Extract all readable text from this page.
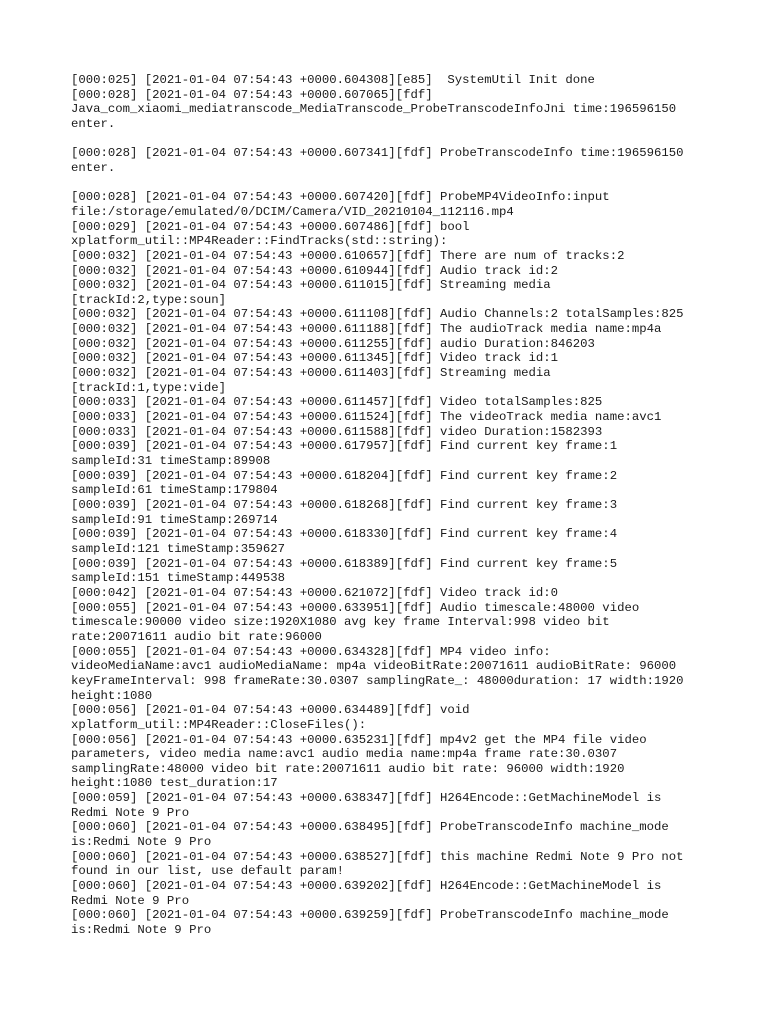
[000:025] [2021-01-04 07:54:43 +0000.604308][e85]  SystemUtil Init done
[000:028] [2021-01-04 07:54:43 +0000.607065][fdf]
Java_com_xiaomi_mediatranscode_MediaTranscode_ProbeTranscodeInfoJni time:196596150
enter.
[000:028] [2021-01-04 07:54:43 +0000.607341][fdf] ProbeTranscodeInfo time:196596150
enter.
[000:028] [2021-01-04 07:54:43 +0000.607420][fdf] ProbeMP4VideoInfo:input
file:/storage/emulated/0/DCIM/Camera/VID_20210104_112116.mp4
[000:029] [2021-01-04 07:54:43 +0000.607486][fdf] bool
xplatform_util::MP4Reader::FindTracks(std::string):
[000:032] [2021-01-04 07:54:43 +0000.610657][fdf] There are num of tracks:2
[000:032] [2021-01-04 07:54:43 +0000.610944][fdf] Audio track id:2
[000:032] [2021-01-04 07:54:43 +0000.611015][fdf] Streaming media
[trackId:2,type:soun]
[000:032] [2021-01-04 07:54:43 +0000.611108][fdf] Audio Channels:2 totalSamples:825
[000:032] [2021-01-04 07:54:43 +0000.611188][fdf] The audioTrack media name:mp4a
[000:032] [2021-01-04 07:54:43 +0000.611255][fdf] audio Duration:846203
[000:032] [2021-01-04 07:54:43 +0000.611345][fdf] Video track id:1
[000:032] [2021-01-04 07:54:43 +0000.611403][fdf] Streaming media
[trackId:1,type:vide]
[000:033] [2021-01-04 07:54:43 +0000.611457][fdf] Video totalSamples:825
[000:033] [2021-01-04 07:54:43 +0000.611524][fdf] The videoTrack media name:avc1
[000:033] [2021-01-04 07:54:43 +0000.611588][fdf] video Duration:1582393
[000:039] [2021-01-04 07:54:43 +0000.617957][fdf] Find current key frame:1
sampleId:31 timeStamp:89908
[000:039] [2021-01-04 07:54:43 +0000.618204][fdf] Find current key frame:2
sampleId:61 timeStamp:179804
[000:039] [2021-01-04 07:54:43 +0000.618268][fdf] Find current key frame:3
sampleId:91 timeStamp:269714
[000:039] [2021-01-04 07:54:43 +0000.618330][fdf] Find current key frame:4
sampleId:121 timeStamp:359627
[000:039] [2021-01-04 07:54:43 +0000.618389][fdf] Find current key frame:5
sampleId:151 timeStamp:449538
[000:042] [2021-01-04 07:54:43 +0000.621072][fdf] Video track id:0
[000:055] [2021-01-04 07:54:43 +0000.633951][fdf] Audio timescale:48000 video
timescale:90000 video size:1920X1080 avg key frame Interval:998 video bit
rate:20071611 audio bit rate:96000
[000:055] [2021-01-04 07:54:43 +0000.634328][fdf] MP4 video info:
videoMediaName:avc1 audioMediaName: mp4a videoBitRate:20071611 audioBitRate: 96000
keyFrameInterval: 998 frameRate:30.0307 samplingRate_: 48000duration: 17 width:1920
height:1080
[000:056] [2021-01-04 07:54:43 +0000.634489][fdf] void
xplatform_util::MP4Reader::CloseFiles():
[000:056] [2021-01-04 07:54:43 +0000.635231][fdf] mp4v2 get the MP4 file video
parameters, video media name:avc1 audio media name:mp4a frame rate:30.0307
samplingRate:48000 video bit rate:20071611 audio bit rate: 96000 width:1920
height:1080 test_duration:17
[000:059] [2021-01-04 07:54:43 +0000.638347][fdf] H264Encode::GetMachineModel is
Redmi Note 9 Pro
[000:060] [2021-01-04 07:54:43 +0000.638495][fdf] ProbeTranscodeInfo machine_mode
is:Redmi Note 9 Pro
[000:060] [2021-01-04 07:54:43 +0000.638527][fdf] this machine Redmi Note 9 Pro not
found in our list, use default param!
[000:060] [2021-01-04 07:54:43 +0000.639202][fdf] H264Encode::GetMachineModel is
Redmi Note 9 Pro
[000:060] [2021-01-04 07:54:43 +0000.639259][fdf] ProbeTranscodeInfo machine_mode
is:Redmi Note 9 Pro
